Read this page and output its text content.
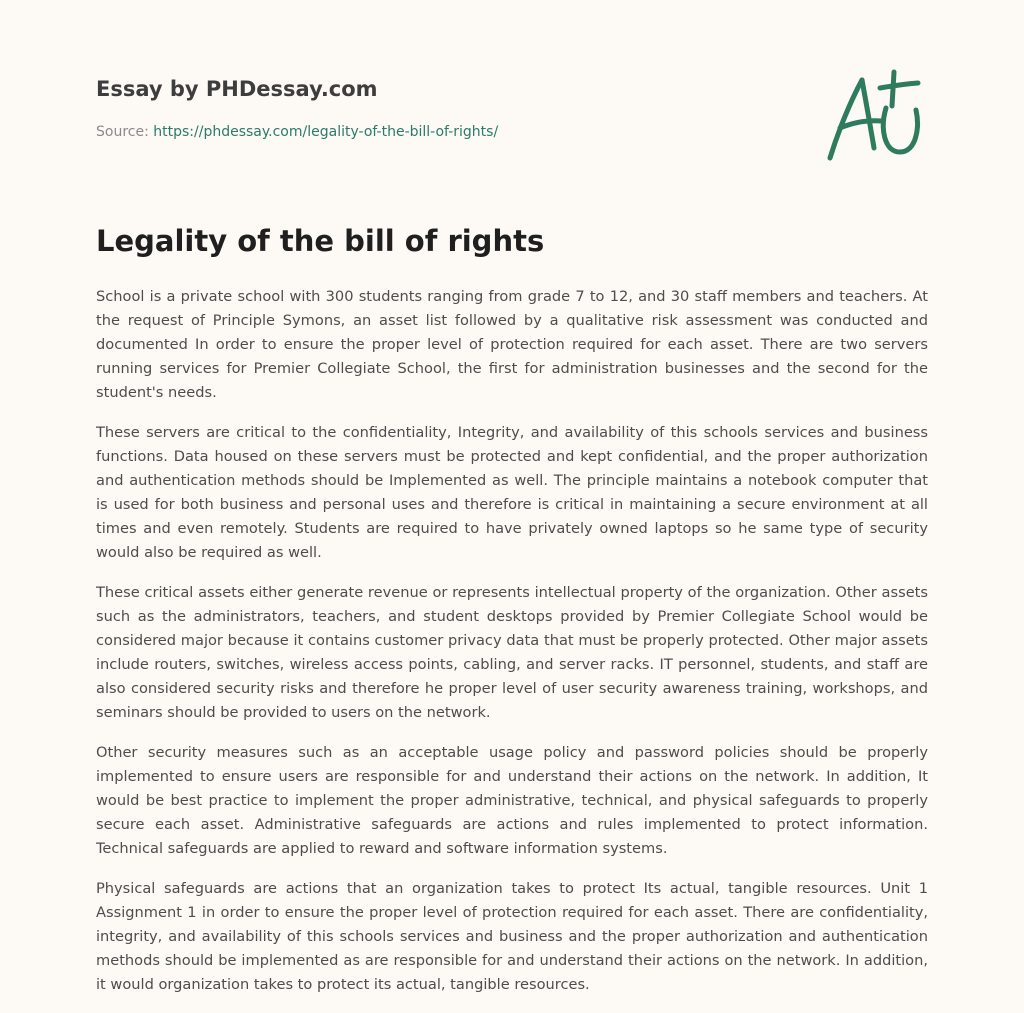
Essay by PHDessay.com
Source: https://phdessay.com/legality-of-the-bill-of-rights/
Legality of the bill of rights

School is a private school with 300 students ranging from grade 7 to 12, and 30 staff members and teachers. At the request of Principle Symons, an asset list followed by a qualitative risk assessment was conducted and documented In order to ensure the proper level of protection required for each asset. There are two servers running services for Premier Collegiate School, the first for administration businesses and the second for the student's needs.

These servers are critical to the confidentiality, Integrity, and availability of this schools services and business functions. Data housed on these servers must be protected and kept confidential, and the proper authorization and authentication methods should be Implemented as well. The principle maintains a notebook computer that is used for both business and personal uses and therefore is critical in maintaining a secure environment at all times and even remotely. Students are required to have privately owned laptops so he same type of security would also be required as well.

These critical assets either generate revenue or represents intellectual property of the organization. Other assets such as the administrators, teachers, and student desktops provided by Premier Collegiate School would be considered major because it contains customer privacy data that must be properly protected. Other major assets include routers, switches, wireless access points, cabling, and server racks. IT personnel, students, and staff are also considered security risks and therefore he proper level of user security awareness training, workshops, and seminars should be provided to users on the network.

Other security measures such as an acceptable usage policy and password policies should be properly implemented to ensure users are responsible for and understand their actions on the network. In addition, It would be best practice to implement the proper administrative, technical, and physical safeguards to properly secure each asset. Administrative safeguards are actions and rules implemented to protect information. Technical safeguards are applied to reward and software information systems.

Physical safeguards are actions that an organization takes to protect Its actual, tangible resources. Unit 1 Assignment 1 in order to ensure the proper level of protection required for each asset. There are confidentiality, integrity, and availability of this schools services and business and the proper authorization and authentication methods should be implemented as are responsible for and understand their actions on the network. In addition, it would organization takes to protect its actual, tangible resources.
